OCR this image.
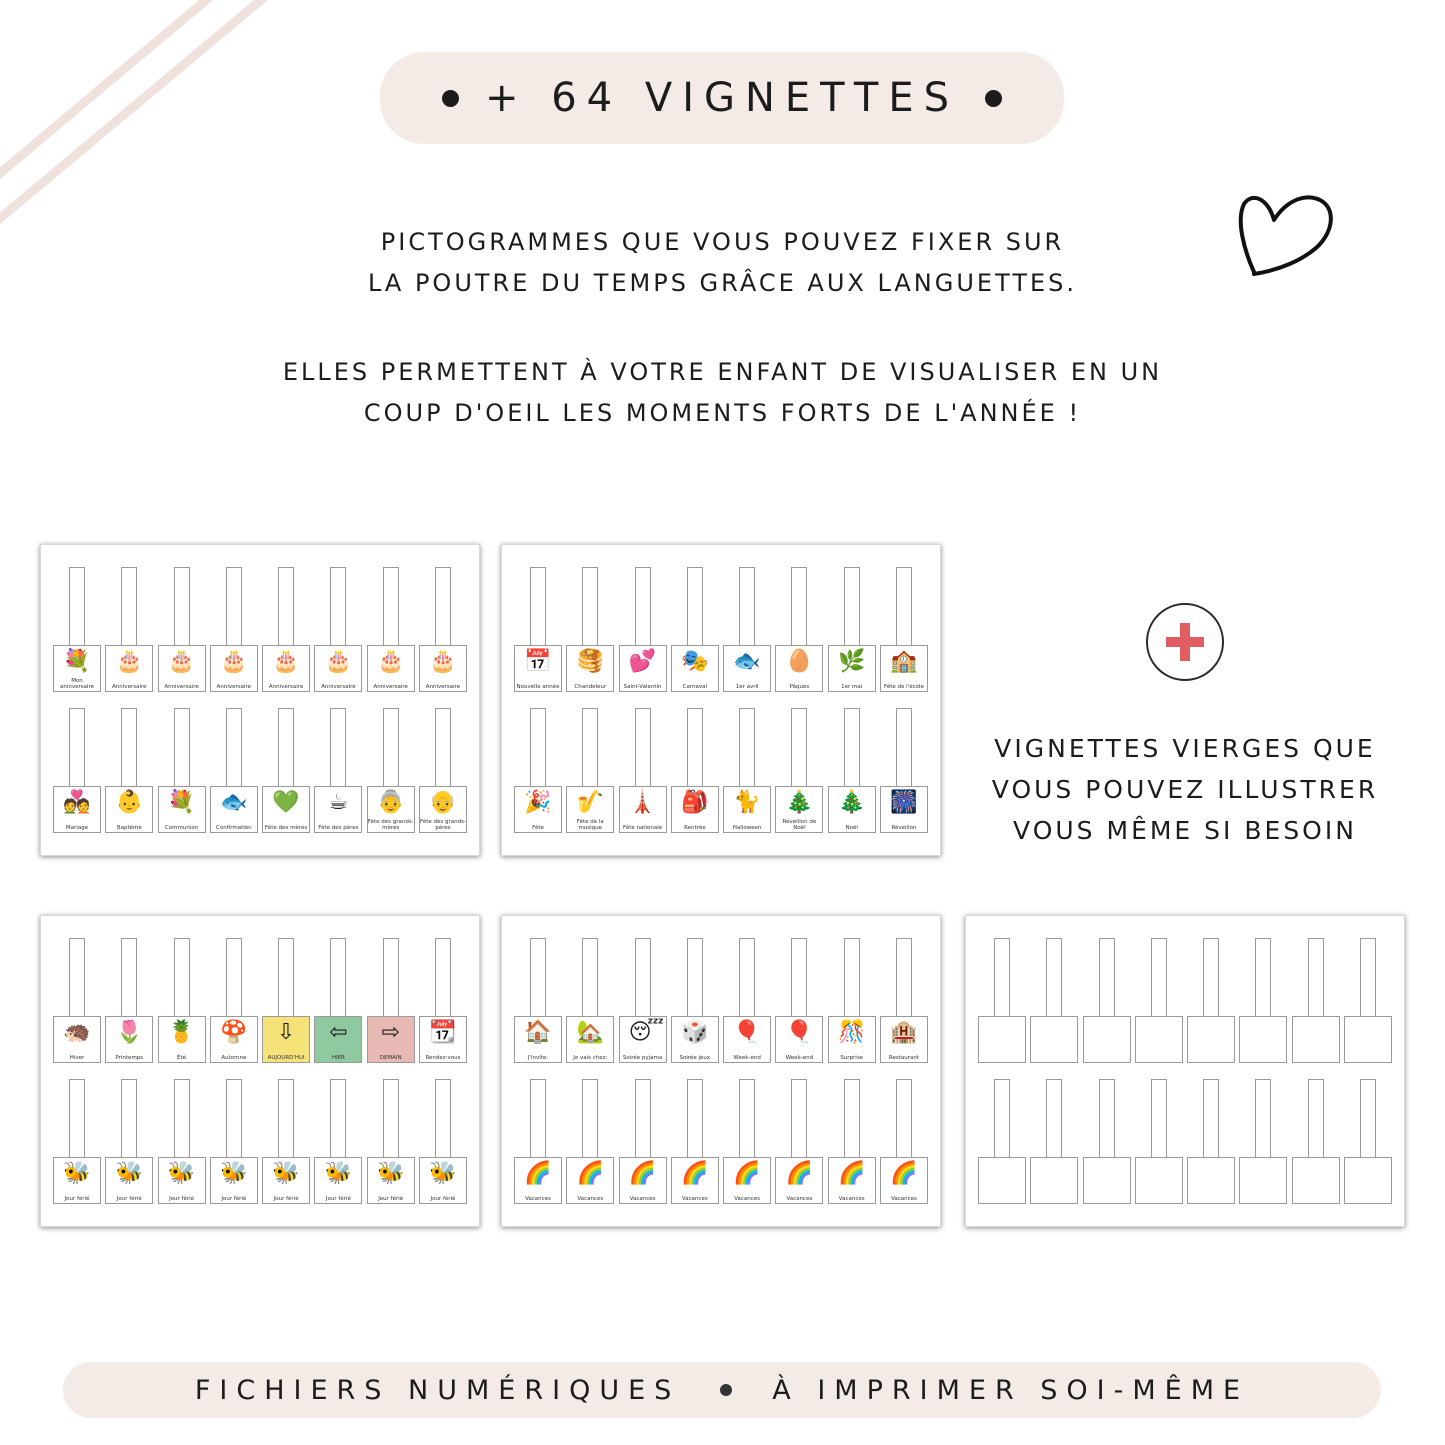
+ 64 VIGNETTES
PICTOGRAMMES QUE VOUS POUVEZ FIXER SUR
LA POUTRE DU TEMPS GRÂCE AUX LANGUETTES.
ELLES PERMETTENT À VOTRE ENFANT DE VISUALISER EN UN
COUP D'OEIL LES MOMENTS FORTS DE L'ANNÉE !
💐
Mon anniversaire
🎂
Anniversaire
🎂
Anniversaire
🎂
Anniversaire
🎂
Anniversaire
🎂
Anniversaire
🎂
Anniversaire
🎂
Anniversaire
💑
Mariage
👶
Baptême
💐
Communion
🐟
Confirmation
💚
Fête des mères
☕
Fête des pères
👵
Fête des grands-mères
👴
Fête des grands-pères
📅
Nouvelle année
🥞
Chandeleur
💕
Saint-Valentin
🎭
Carnaval
🐟
1er avril
🥚
Pâques
🌿
1er mai
🏫
Fête de l'école
🎉
Fête
🎷
Fête de la musique
🗼
Fête nationale
🎒
Rentrée
🐈
Halloween
🎄
Réveillon de Noël
🎄
Noël
🎆
Réveillon
🦔
Hiver
🌷
Printemps
🍍
Été
🍄
Automne
⇩
AUJOURD'HUI
⇦
HIER
⇨
DEMAIN
📆
Rendez-vous
🐝
Jour férié
🐝
Jour férié
🐝
Jour férié
🐝
Jour férié
🐝
Jour férié
🐝
Jour férié
🐝
Jour férié
🐝
Jour férié
🏠
J'invite:
🏡
Je vais chez:
😴
Soirée pyjama
🎲
Soirée jeux
🎈
Week-end
🎈
Week-end
🎊
Surprise
🏨
Restaurant
🌈
Vacances
🌈
Vacances
🌈
Vacances
🌈
Vacances
🌈
Vacances
🌈
Vacances
🌈
Vacances
🌈
Vacances
VIGNETTES VIERGES QUE
VOUS POUVEZ ILLUSTRER
VOUS MÊME SI BESOIN
FICHIERS NUMÉRIQUES	À IMPRIMER SOI-MÊME
